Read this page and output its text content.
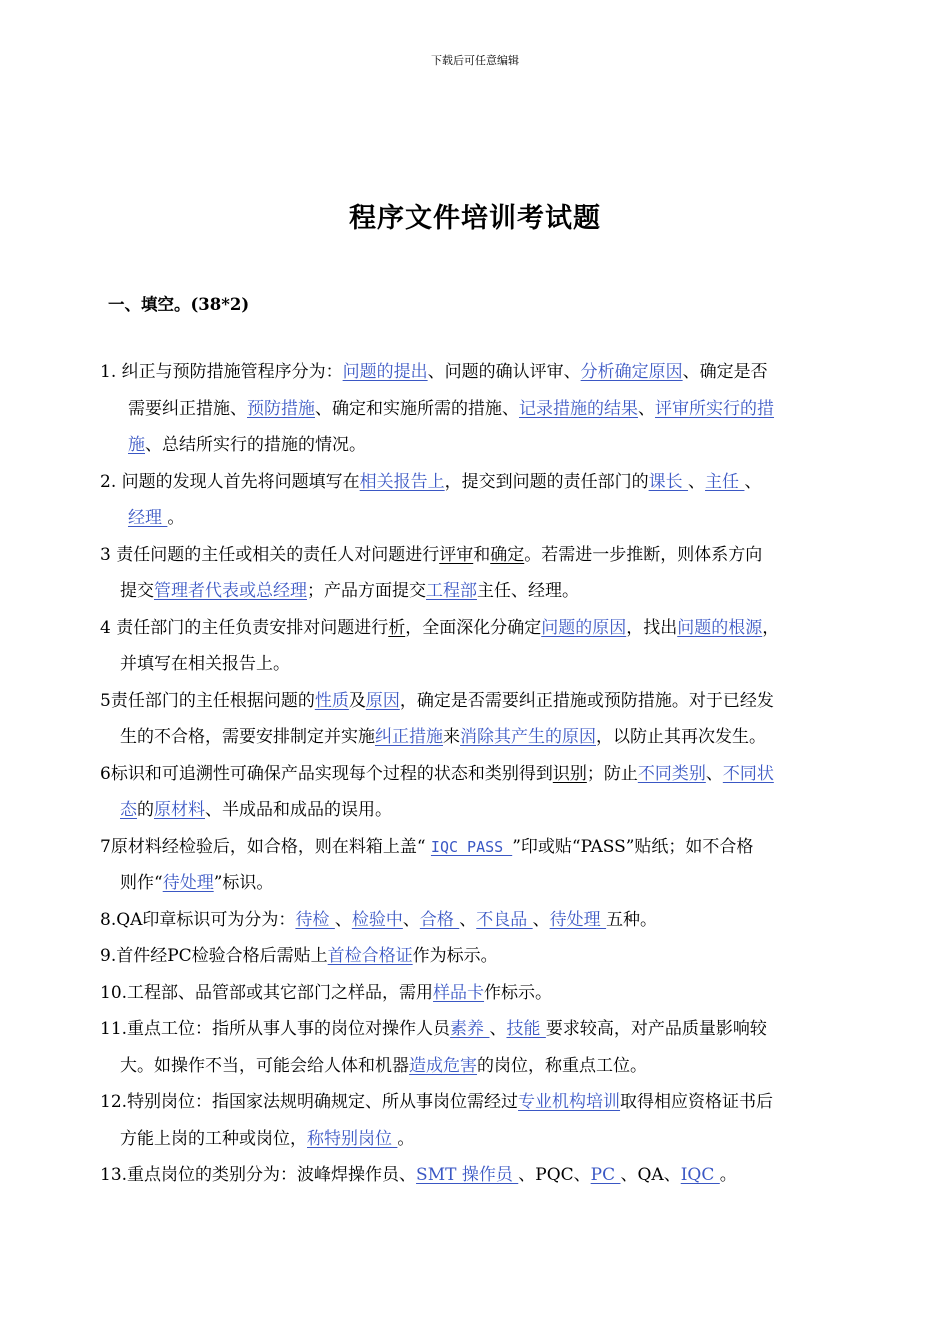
下载后可任意编辑
程序文件培训考试题
一、填空。(38*2)

1. 纠正与预防措施管程序分为：问题的提出、问题的确认评审、分析确定原因、确定是否
需要纠正措施、预防措施、确定和实施所需的措施、记录措施的结果、评审所实行的措
施、总结所实行的措施的情况。

2. 问题的发现人首先将问题填写在相关报告上，提交到问题的责任部门的课长 、主任 、
经理 。

3 责任问题的主任或相关的责任人对问题进行评审和确定。若需进一步推断，则体系方向
提交管理者代表或总经理；产品方面提交工程部主任、经理。

4 责任部门的主任负责安排对问题进行析，全面深化分确定问题的原因，找出问题的根源，
并填写在相关报告上。

5责任部门的主任根据问题的性质及原因，确定是否需要纠正措施或预防措施。对于已经发
生的不合格，需要安排制定并实施纠正措施来消除其产生的原因，以防止其再次发生。

6标识和可追溯性可确保产品实现每个过程的状态和类别得到识别；防止不同类别、不同状
态的原材料、半成品和成品的误用。

7原材料经检验后，如合格，则在料箱上盖“ IQC PASS ”印或贴“PASS”贴纸；如不合格
则作“待处理”标识。

8.QA印章标识可为分为：待检 、检验中、合格 、不良品 、待处理 五种。

9.首件经PC检验合格后需贴上首检合格证作为标示。

10.工程部、品管部或其它部门之样品，需用样品卡作标示。

11.重点工位：指所从事人事的岗位对操作人员素养 、技能 要求较高，对产品质量影响较
大。如操作不当，可能会给人体和机器造成危害的岗位，称重点工位。

12.特别岗位：指国家法规明确规定、所从事岗位需经过专业机构培训取得相应资格证书后
方能上岗的工种或岗位，称特别岗位 。

13.重点岗位的类别分为：波峰焊操作员、SMT 操作员 、PQC、PC 、QA、IQC 。
